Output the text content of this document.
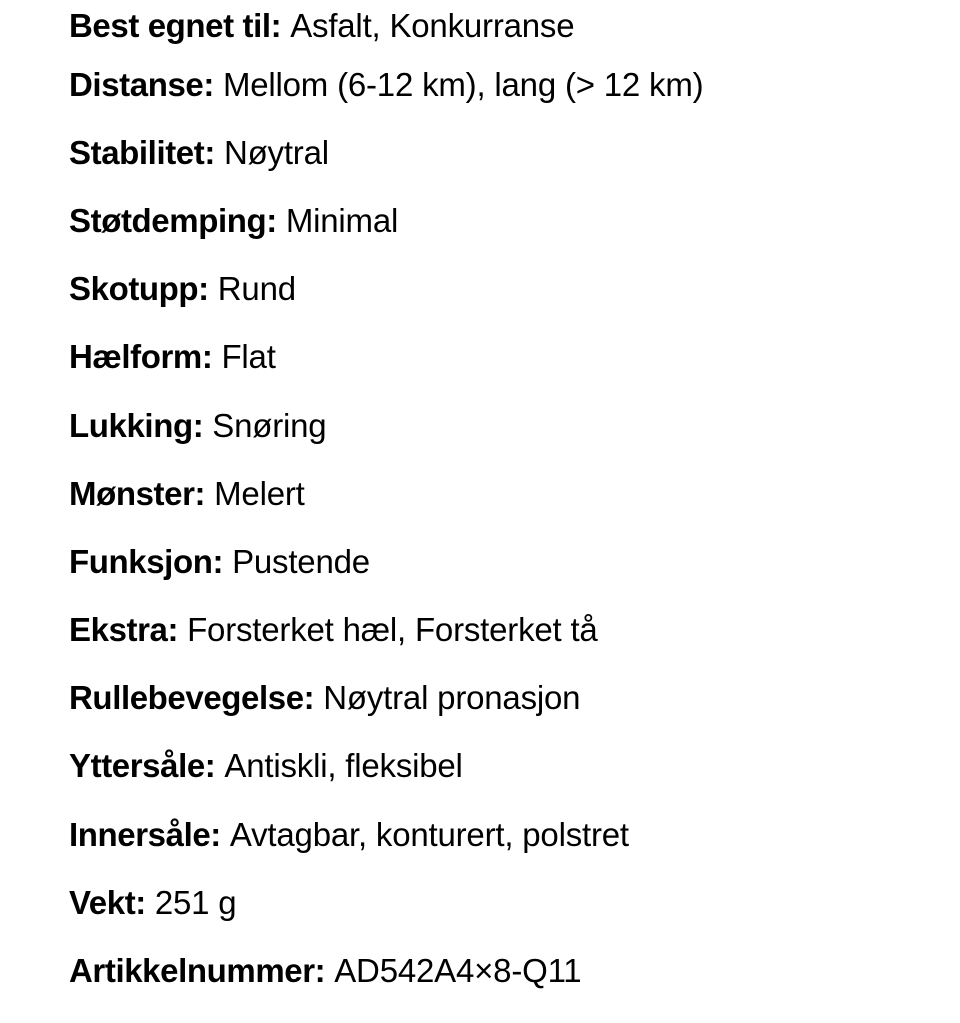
Best egnet til: Asfalt, Konkurranse
Distanse: Mellom (6-12 km), lang (> 12 km)
Stabilitet: Nøytral
Støtdemping: Minimal
Skotupp: Rund
Hælform: Flat
Lukking: Snøring
Mønster: Melert
Funksjon: Pustende
Ekstra: Forsterket hæl, Forsterket tå
Rullebevegelse: Nøytral pronasjon
Yttersåle: Antiskli, fleksibel
Innersåle: Avtagbar, konturert, polstret
Vekt: 251 g
Artikkelnummer: AD542A4×8-Q11
